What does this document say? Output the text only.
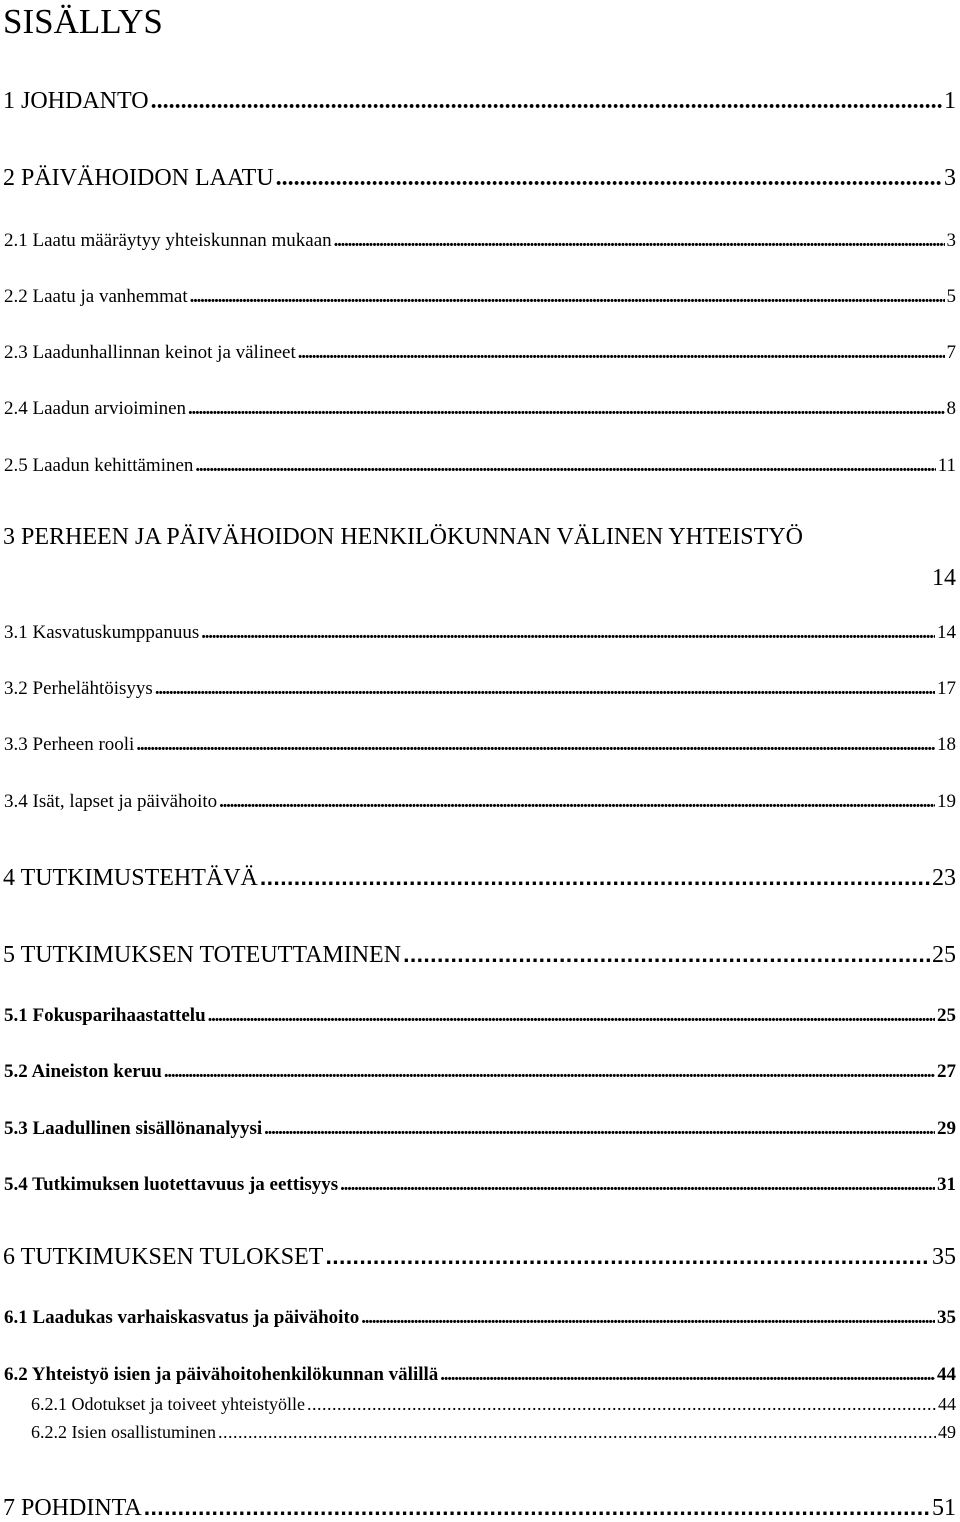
SISÄLLYS
1 JOHDANTO . . .	1
2 PÄIVÄHOIDON LAATU . . .	3
2.1 Laatu määräytyy yhteiskunnan mukaan . . .	3
2.2 Laatu ja vanhemmat . . .	5
2.3 Laadunhallinnan keinot ja välineet . . .	7
2.4 Laadun arvioiminen . . .	8
2.5 Laadun kehittäminen . . .	11
3 PERHEEN JA PÄIVÄHOIDON HENKILÖKUNNAN VÄLINEN YHTEISTYÖ
14
3.1 Kasvatuskumppanuus . . .	14
3.2 Perhelähtöisyys . . .	17
3.3 Perheen rooli . . .	18
3.4 Isät, lapset ja päivähoito . . .	19
4 TUTKIMUSTEHTÄVÄ . . .	23
5 TUTKIMUKSEN TOTEUTTAMINEN . . .	25
5.1 Fokusparihaastattelu . . .	25
5.2 Aineiston keruu . . .	27
5.3 Laadullinen sisällönanalyysi . . .	29
5.4 Tutkimuksen luotettavuus ja eettisyys . . .	31
6 TUTKIMUKSEN TULOKSET . . .	35
6.1 Laadukas varhaiskasvatus ja päivähoito . . .	35
6.2 Yhteistyö isien ja päivähoitohenkilökunnan välillä . . .	44
6.2.1 Odotukset ja toiveet yhteistyölle . . .	44
6.2.2 Isien osallistuminen . . .	49
7 POHDINTA . . .	51
